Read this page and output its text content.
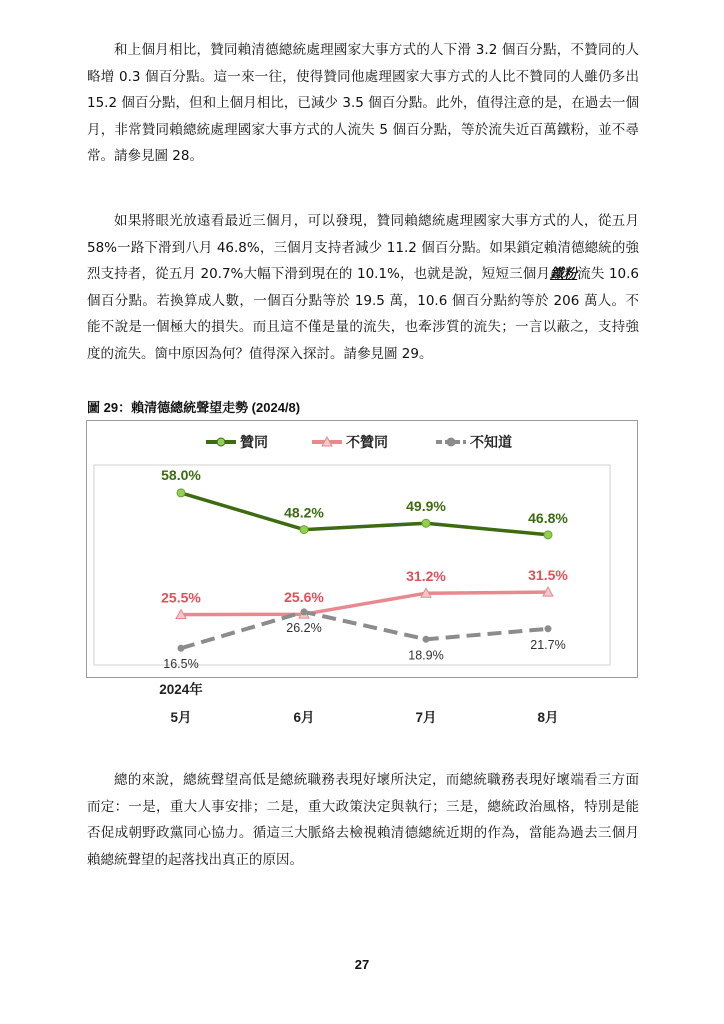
和上個月相比，贊同賴清德總統處理國家大事方式的人下滑 3.2 個百分點，不贊同的人略增 0.3 個百分點。這一來一往，使得贊同他處理國家大事方式的人比不贊同的人雖仍多出 15.2 個百分點，但和上個月相比，已減少 3.5 個百分點。此外，值得注意的是，在過去一個月，非常贊同賴總統處理國家大事方式的人流失 5 個百分點，等於流失近百萬鐵粉，並不尋常。請參見圖 28。

如果將眼光放遠看最近三個月，可以發現，贊同賴總統處理國家大事方式的人，從五月 58%一路下滑到八月 46.8%，三個月支持者減少 11.2 個百分點。如果鎖定賴清德總統的強烈支持者，從五月 20.7%大幅下滑到現在的 10.1%，也就是說，短短三個月鐵粉流失 10.6 個百分點。若換算成人數，一個百分點等於 19.5 萬，10.6 個百分點約等於 206 萬人。不能不說是一個極大的損失。而且這不僅是量的流失，也牽涉質的流失；一言以蔽之，支持強度的流失。箇中原因為何？值得深入探討。請參見圖 29。

圖 29：賴清德總統聲望走勢 (2024/8)
贊同	不贊同	不知道
58.0%
48.2%	49.9%
46.8%
25.5%	25.6%
31.2%	31.5%
16.5%
26.2%
18.9%
21.7%
2024年
5月	6月	7月	8月

總的來說，總統聲望高低是總統職務表現好壞所決定，而總統職務表現好壞端看三方面而定：一是，重大人事安排；二是，重大政策決定與執行；三是，總統政治風格，特別是能否促成朝野政黨同心協力。循這三大脈絡去檢視賴清德總統近期的作為，當能為過去三個月賴總統聲望的起落找出真正的原因。

27
